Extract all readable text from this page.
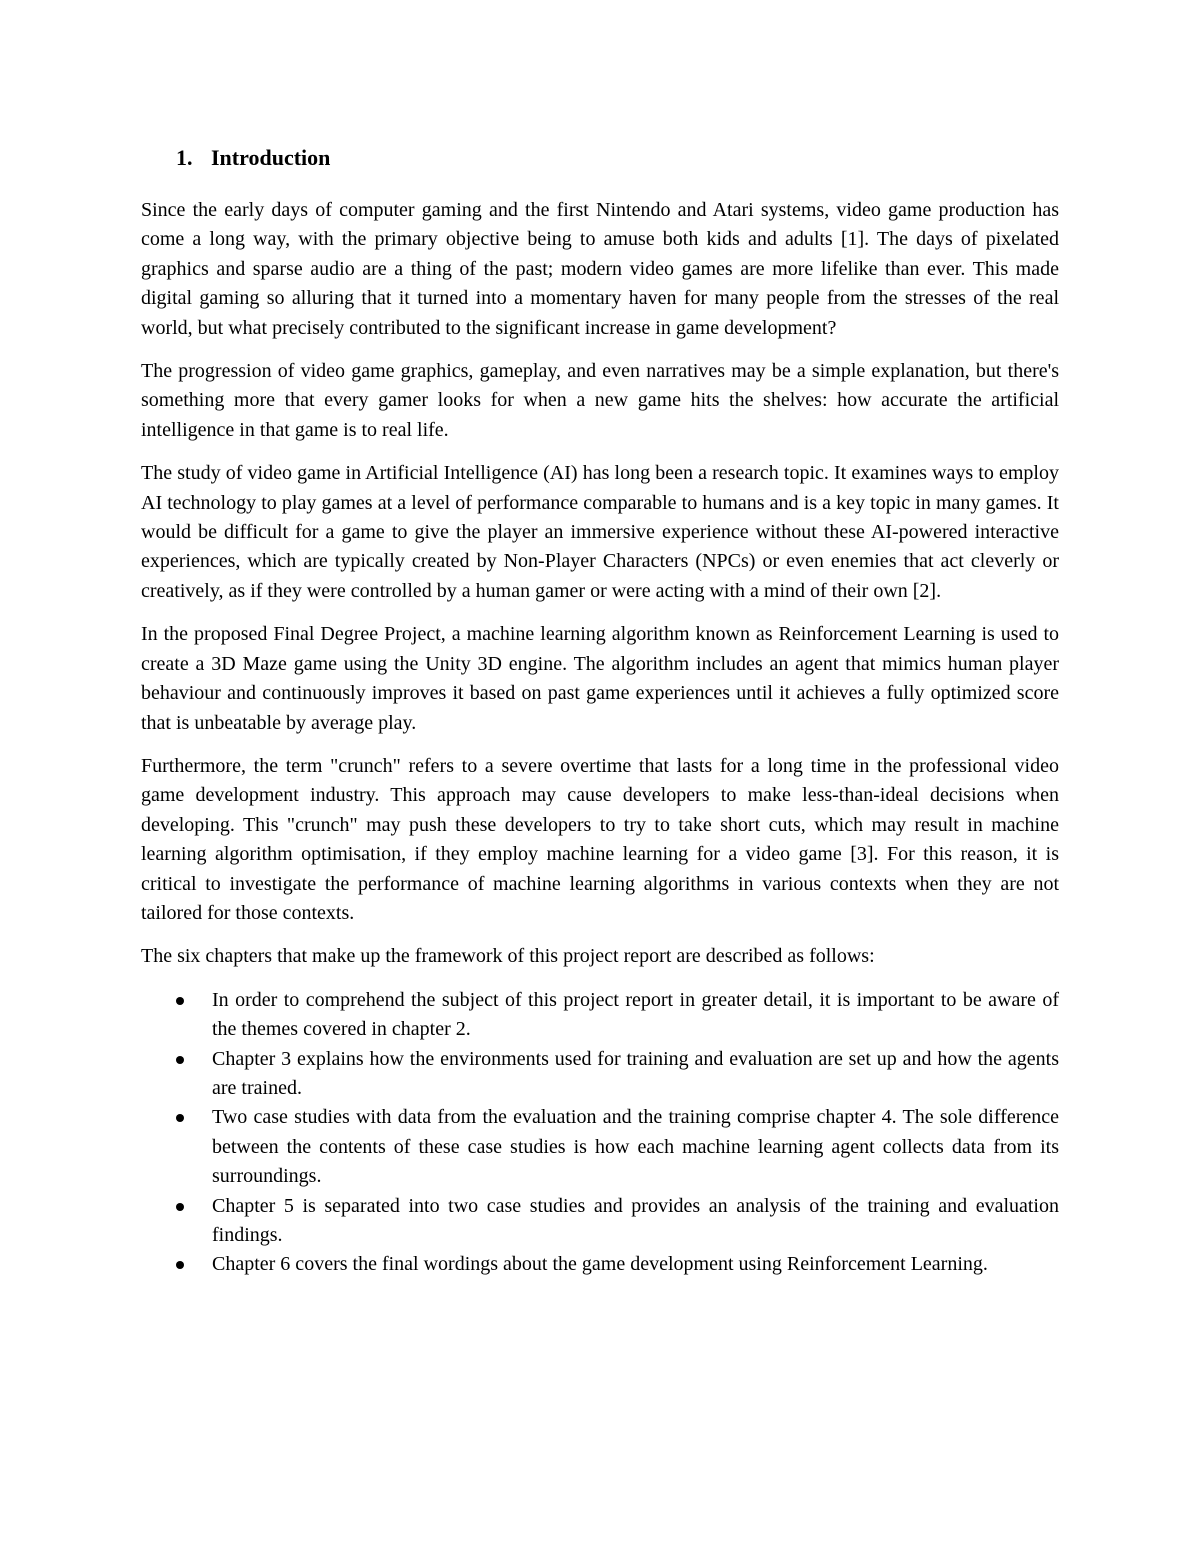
1. Introduction

Since the early days of computer gaming and the first Nintendo and Atari systems, video game production has come a long way, with the primary objective being to amuse both kids and adults [1]. The days of pixelated graphics and sparse audio are a thing of the past; modern video games are more lifelike than ever. This made digital gaming so alluring that it turned into a momentary haven for many people from the stresses of the real world, but what precisely contributed to the significant increase in game development?

The progression of video game graphics, gameplay, and even narratives may be a simple explanation, but there's something more that every gamer looks for when a new game hits the shelves: how accurate the artificial intelligence in that game is to real life.

The study of video game in Artificial Intelligence (AI) has long been a research topic. It examines ways to employ AI technology to play games at a level of performance comparable to humans and is a key topic in many games. It would be difficult for a game to give the player an immersive experience without these AI-powered interactive experiences, which are typically created by Non-Player Characters (NPCs) or even enemies that act cleverly or creatively, as if they were controlled by a human gamer or were acting with a mind of their own [2].

In the proposed Final Degree Project, a machine learning algorithm known as Reinforcement Learning is used to create a 3D Maze game using the Unity 3D engine. The algorithm includes an agent that mimics human player behaviour and continuously improves it based on past game experiences until it achieves a fully optimized score that is unbeatable by average play.

Furthermore, the term "crunch" refers to a severe overtime that lasts for a long time in the professional video game development industry. This approach may cause developers to make less-than-ideal decisions when developing. This "crunch" may push these developers to try to take short cuts, which may result in machine learning algorithm optimisation, if they employ machine learning for a video game [3]. For this reason, it is critical to investigate the performance of machine learning algorithms in various contexts when they are not tailored for those contexts.

The six chapters that make up the framework of this project report are described as follows:

In order to comprehend the subject of this project report in greater detail, it is important to be aware of the themes covered in chapter 2.
Chapter 3 explains how the environments used for training and evaluation are set up and how the agents are trained.
Two case studies with data from the evaluation and the training comprise chapter 4. The sole difference between the contents of these case studies is how each machine learning agent collects data from its surroundings.
Chapter 5 is separated into two case studies and provides an analysis of the training and evaluation findings.
Chapter 6 covers the final wordings about the game development using Reinforcement Learning.
